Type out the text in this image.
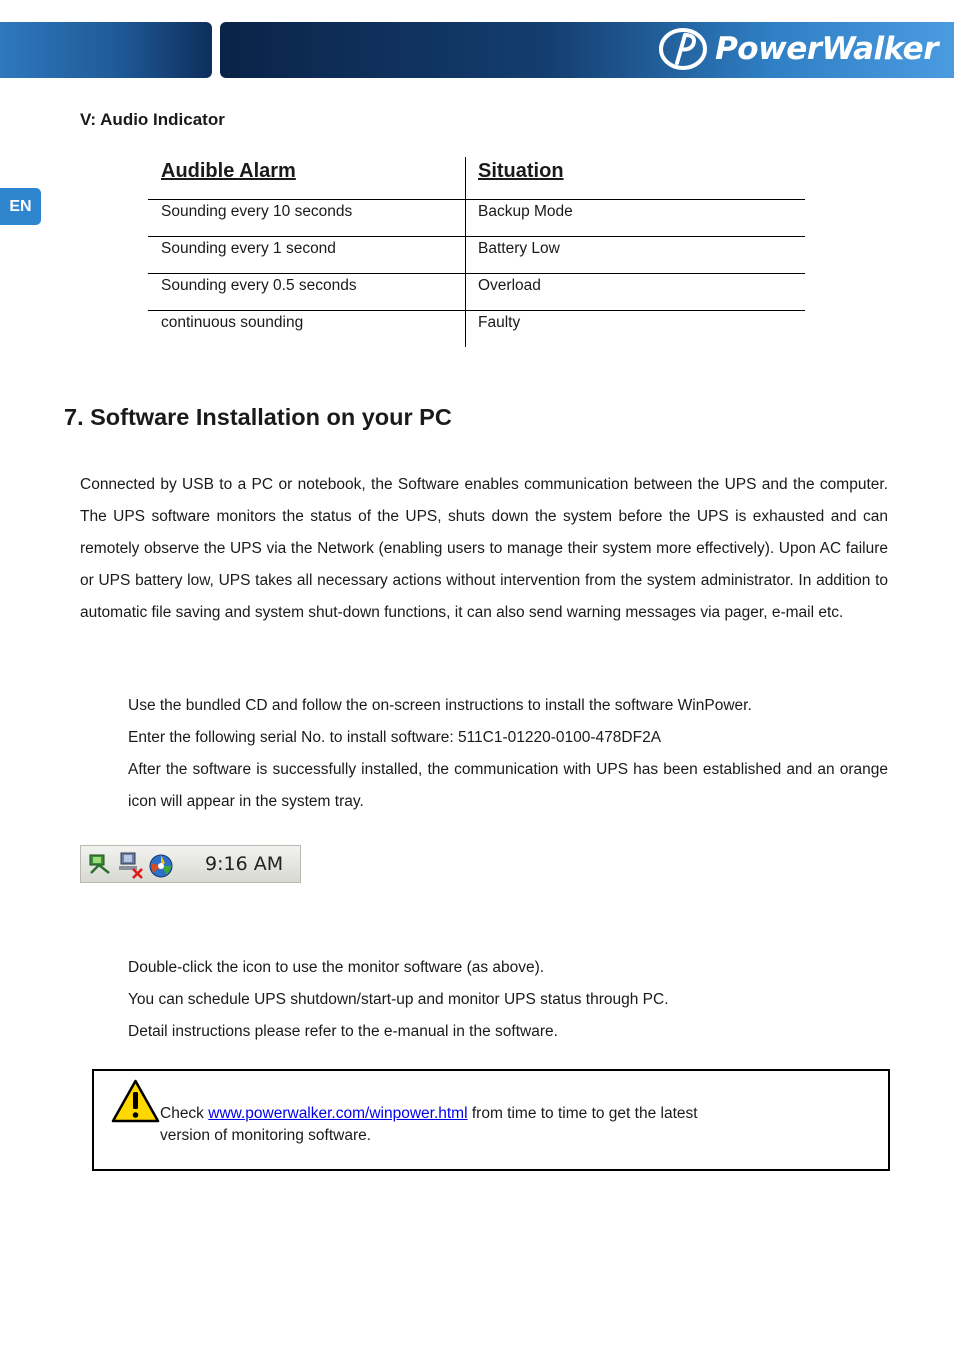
PowerWalker
EN
V: Audio Indicator
Audible Alarm	Situation
Sounding every 10 seconds	Backup Mode
Sounding every 1 second	Battery Low
Sounding every 0.5 seconds	Overload
continuous sounding	Faulty
7. Software Installation on your PC
Connected by USB to a PC or notebook, the Software enables communication between the UPS and the computer. The UPS software monitors the status of the UPS, shuts down the system before the UPS is exhausted and can remotely observe the UPS via the Network (enabling users to manage their system more effectively). Upon AC failure or UPS battery low, UPS takes all necessary actions without intervention from the system administrator. In addition to automatic file saving and system shut-down functions, it can also send warning messages via pager, e-mail etc.
Use the bundled CD and follow the on-screen instructions to install the software WinPower.
Enter the following serial No. to install software: 511C1-01220-0100-478DF2A
After the software is successfully installed, the communication with UPS has been established and an orange icon will appear in the system tray.
9:16 AM
Double-click the icon to use the monitor software (as above).
You can schedule UPS shutdown/start-up and monitor UPS status through PC.
Detail instructions please refer to the e-manual in the software.
Check www.powerwalker.com/winpower.html from time to time to get the latest
version of monitoring software.
